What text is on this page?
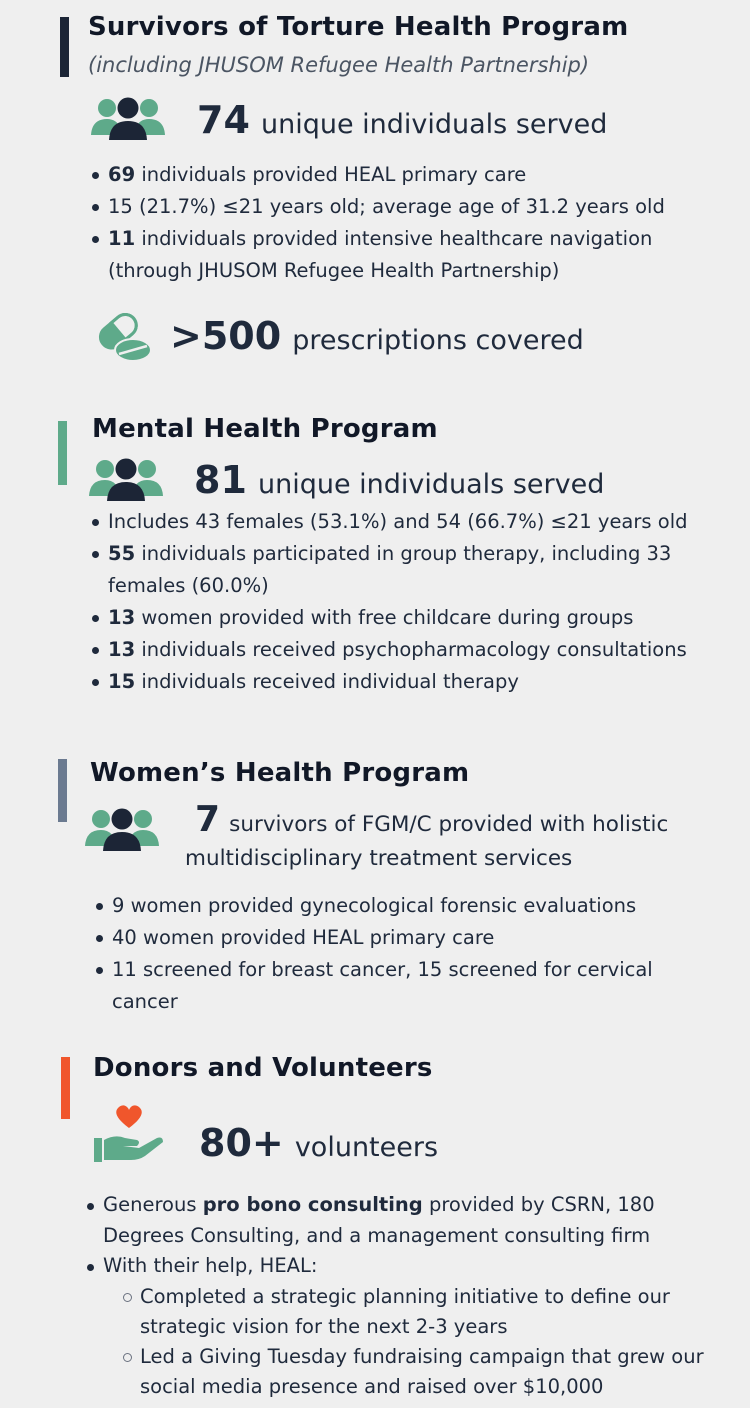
Survivors of Torture Health Program
(including JHUSOM Refugee Health Partnership)
74 unique individuals served
69 individuals provided HEAL primary care
15 (21.7%) ≤21 years old; average age of 31.2 years old
11 individuals provided intensive healthcare navigation (through JHUSOM Refugee Health Partnership)
>500 prescriptions covered
Mental Health Program
81 unique individuals served
Includes 43 females (53.1%) and 54 (66.7%) ≤21 years old
55 individuals participated in group therapy, including 33 females (60.0%)
13 women provided with free childcare during groups
13 individuals received psychopharmacology consultations
15 individuals received individual therapy
Women’s Health Program
7 survivors of FGM/C provided with holistic multidisciplinary treatment services
9 women provided gynecological forensic evaluations
40 women provided HEAL primary care
11 screened for breast cancer, 15 screened for cervical cancer
Donors and Volunteers
80+ volunteers
Generous pro bono consulting provided by CSRN, 180 Degrees Consulting, and a management consulting firm
With their help, HEAL:
Completed a strategic planning initiative to define our strategic vision for the next 2-3 years
Led a Giving Tuesday fundraising campaign that grew our social media presence and raised over $10,000
